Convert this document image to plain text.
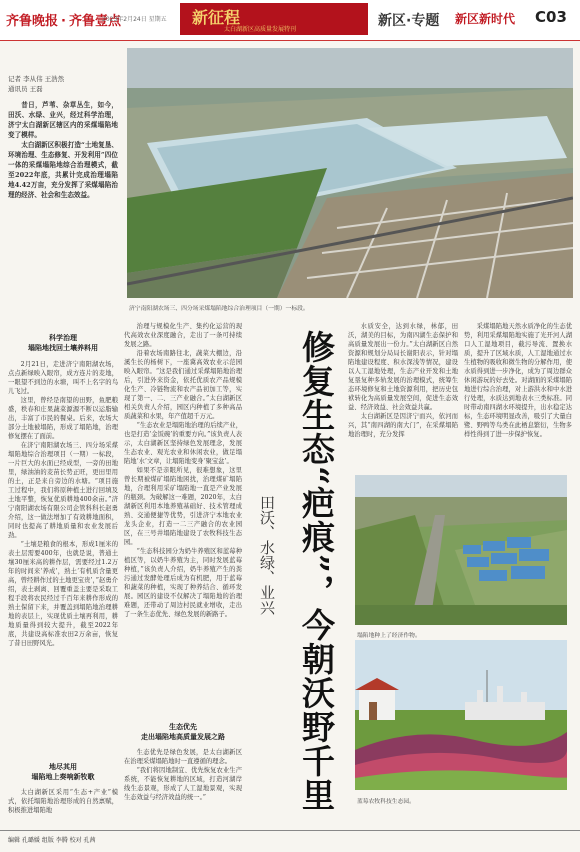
齐鲁晚报 · 齐鲁壹点
2023年2月24日 星期五 新征程
太白湖新区高质量发展特刊
新区·专题 新区新时代 C03
记者 李从伟 王浩然
通讯员 王磊

昔日，芦苇、杂草丛生，如今，田沃、水绿、业兴，经过科学治理，济宁太白湖新区辖区内的采煤塌陷地变了模样。

太白湖新区积极打造“土地复垦、环境治理、生态修复、开发利用”四位一体的采煤塌陷地综合治理模式，截至2022年底，共累计完成治理塌陷地4.42万亩，充分发挥了采煤塌陷治理的经济、社会和生态效益。

济宁南阳湖农场三、四分场采煤塌陷地综合治理项目（一期）一标段。
科学治理
塌陷地找回土壤养料用

2月21日，走进济宁南阳湖农场，点点新绿映入眼帘，成方连片的麦地，一眼望不到边的水塘，叫不上名字的鸟儿飞过。

这里，曾经是南望的田野，鱼肥粮盛，秩春和庄果蔬菜源源不断以运脂输出，丰富了市民的餐桌。后来，农场大部分土地被塌陷，形成了塌陷地，治理修复摆在了面前。

在济宁南阳湖农场三、四分场采煤塌陷地综合治理项目（一期）一标段，一片巨大的水面已经成型，一旁的田地里，绿油油的麦苗长势正旺，更田里用的土，正是来自旁边的水塘。“项目施工过程中，我们将原种植土进行回填及土地平整，恢复优质耕地400余亩。”济宁南阳湖农场有限公司企管科科长赵勇介绍，这一做法增加了有效耕地面积，同时也提高了耕地质量和农业发展后劲。

“土壤是粮食的根本，形成1厘米的表土层需要400年，也就是说，普通土壤30厘米高的耕作层，需要经过1.2万年的时间来‘养成’，熟土‘有机质含量更高，曾经耕作过的土地更宝贵’，”赵勇介绍，表土剥离、回覆重盖主要是采取工程手段将农民经过千百年来耕作形成的熟土保留下来，并覆盖到塌陷地治理耕地的表层上，实现优质土壤再利用，耕地质量得到较大提升，截至2022年底，共建设高标准农田2万余亩，恢复了昔日田野风光。

地尽其用
塌陷地上奏响新牧歌

太白湖新区采用“生态+产业”模式，依托塌陷地治理形成的自然禀赋，积极推进塌陷地

治理与规模化生产、集约化运营的现代高效农业深度融合，走出了一条可持续发展之路。

沿着农场南路往北，蔬菜大棚边，沿溪生长的杨树下，一座冀高效农业示范园映入眼帘。“这是我们通过采煤塌陷地治理后，引进外来资金，依托优质农产品规模化生产、冷链物流和农产品初加工等，实现了第一、二、三产业融合。”太白湖新区相关负责人介绍，园区内种植了多种高品质蔬菜和水果，年产值超千万元。

“生态农业是塌陷地治理的后续产业，也是打造‘金饭碗’的重要方向。”该负责人表示，太白湖新区坚持绿色发展理念，发展生态农业、观光农业和休闲农业，做足塌陷地‘水’文章，让塌陷地变身‘聚宝盆’。

如果不是亲眼所见，很难想象，这里曾长期被煤矿塌陷地困扰，治理煤矿塌陷地，合理利用采矿塌陷地一直是产业发展的瓶颈。为破解这一难题，2020年，太白湖新区利用本地养殖基础好、技术管理成熟、交通便捷等优势，引进济宁本地农业龙头企业，打造一二三产融合的农业园区，在三号井塌陷地建设了农牧科技生态园。

“生态科技园分为奶牛养殖区和蓝莓种植区等，以奶牛养殖为主，同时发展蓝莓种植，”该负责人介绍，奶牛养殖产生的粪污通过发酵处理后成为有机肥，用于蓝莓和蔬菜的种植，实现了种养结合、循环发展。园区的建设不仅解决了塌陷地的治理难题，还带动了周边村民就业增收，走出了一条生态优先、绿色发展的新路子。

生态优先
走出塌陷地高质量发展之路

生态优先是绿色发展，是太白湖新区在治理采煤塌陷地时一直遵循的理念。

“我们将因地制宜、优先恢复农业生产系统，不能恢复耕地的区域，打造河湖岸线生态景观，形成了人工湿地景观，实现生态效益与经济效益的统一。”	修复生态“疤痕”，今朝沃野千里
田沃、水绿、业兴

水质安全，达到水绿，林郁，田沃，湖美的目标，为南四湖生态保护和高质量发展出一份力。”太白湖新区自然资源和规划分局局长谢阳表示，针对塌陷地建设程度、积水深浅等情况，建设以人工湿地处理，生态产业开发和土地复垦复种多轨发展的治理模式，统筹生态环境修复和土地资源利用，把历史包袱转化为高质量发展空间，促进生态效益、经济效益、社会效益共赢。

太白湖新区是因济宁而兴，依河而兴，其“南四湖的南大门”，在采煤塌陷地治理时，充分发挥

采煤塌陷地天然水质净化的生态优势，利用采煤塌陷地实施了光开河人湖口人工湿地项目，截污导流、置换水质，提升了区域水质，人工湿地通过水生植物的吸收和微生物的分解作用，使水质得到进一步净化，成为了周边群众休闲游玩的好去处。对湖面的采煤塌陷地进行综合治理，对上游洪水和中水进行处理，水质达到地表水三类标准。同时带动南四湖水环境提升，出水稳定达标，生态环境明显改善，吸引了大量白鹭、野鸭等鸟类在此栖息繁衍，生物多样性得到了进一步保护恢复。

塌陷地种上了经济作物。
蓝莓农牧科技生态园。
编辑 孔璐媛 组版 李腾 校对 孔茜
